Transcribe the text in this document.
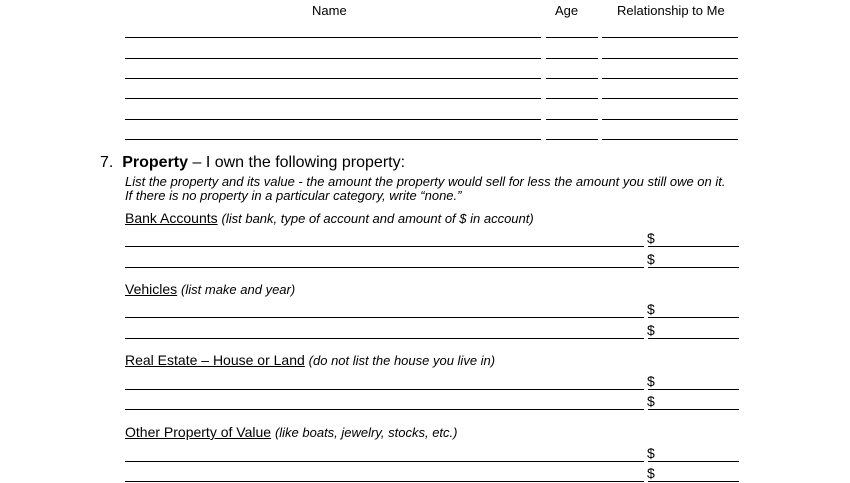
Name	Age	Relationship to Me
7. Property – I own the following property:
List the property and its value - the amount the property would sell for less the amount you still owe on it. If there is no property in a particular category, write “none.”
Bank Accounts (list bank, type of account and amount of $ in account)
$
$
Vehicles (list make and year)
$
$
Real Estate – House or Land (do not list the house you live in)
$
$
Other Property of Value (like boats, jewelry, stocks, etc.)
$
$
